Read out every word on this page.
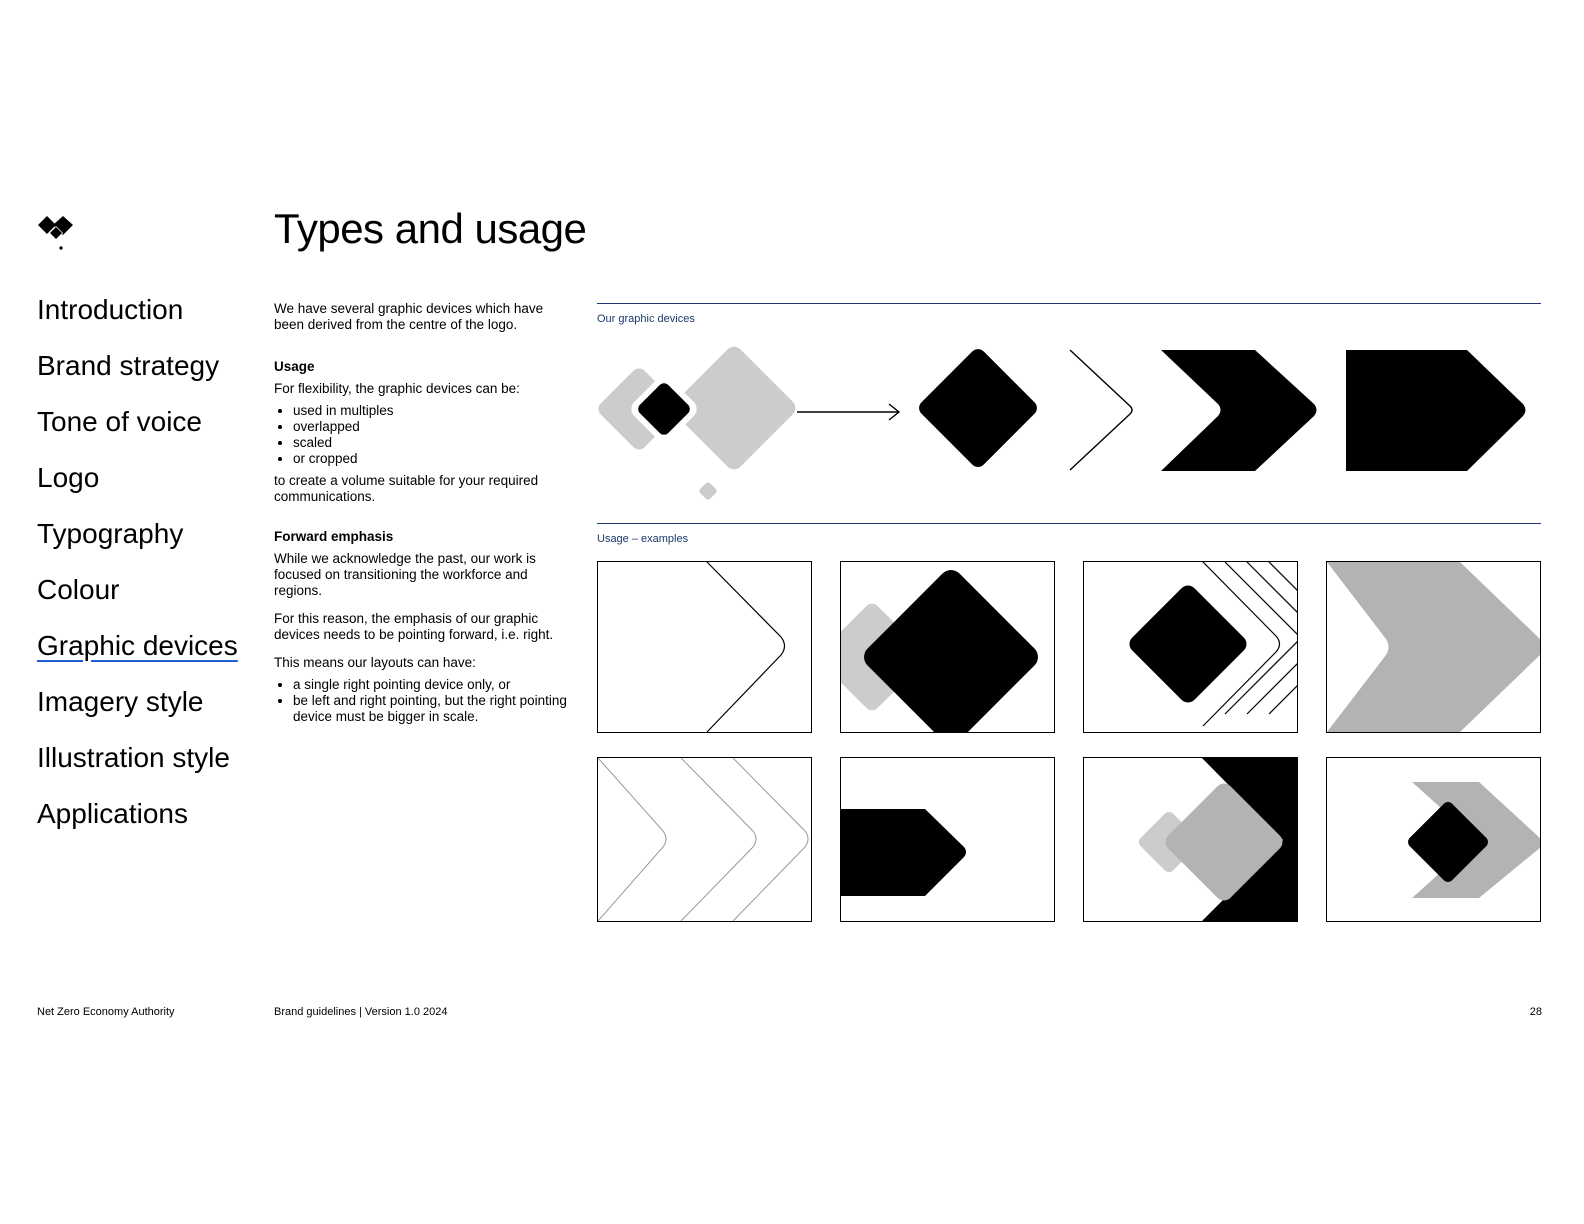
Types and usage
Introduction
Brand strategy
Tone of voice
Logo
Typography
Colour
Graphic devices
Imagery style
Illustration style
Applications

We have several graphic devices which have been derived from the centre of the logo.

Usage

For flexibility, the graphic devices can be:

• used in multiples
• overlapped
• scaled
• or cropped

to create a volume suitable for your required communications.

Forward emphasis

While we acknowledge the past, our work is focused on transitioning the workforce and regions.

For this reason, the emphasis of our graphic devices needs to be pointing forward, i.e. right.

This means our layouts can have:

• a single right pointing device only, or
• be left and right pointing, but the right pointing device must be bigger in scale.
Our graphic devices
Usage – examples
Net Zero Economy Authority	Brand guidelines | Version 1.0 2024	28
